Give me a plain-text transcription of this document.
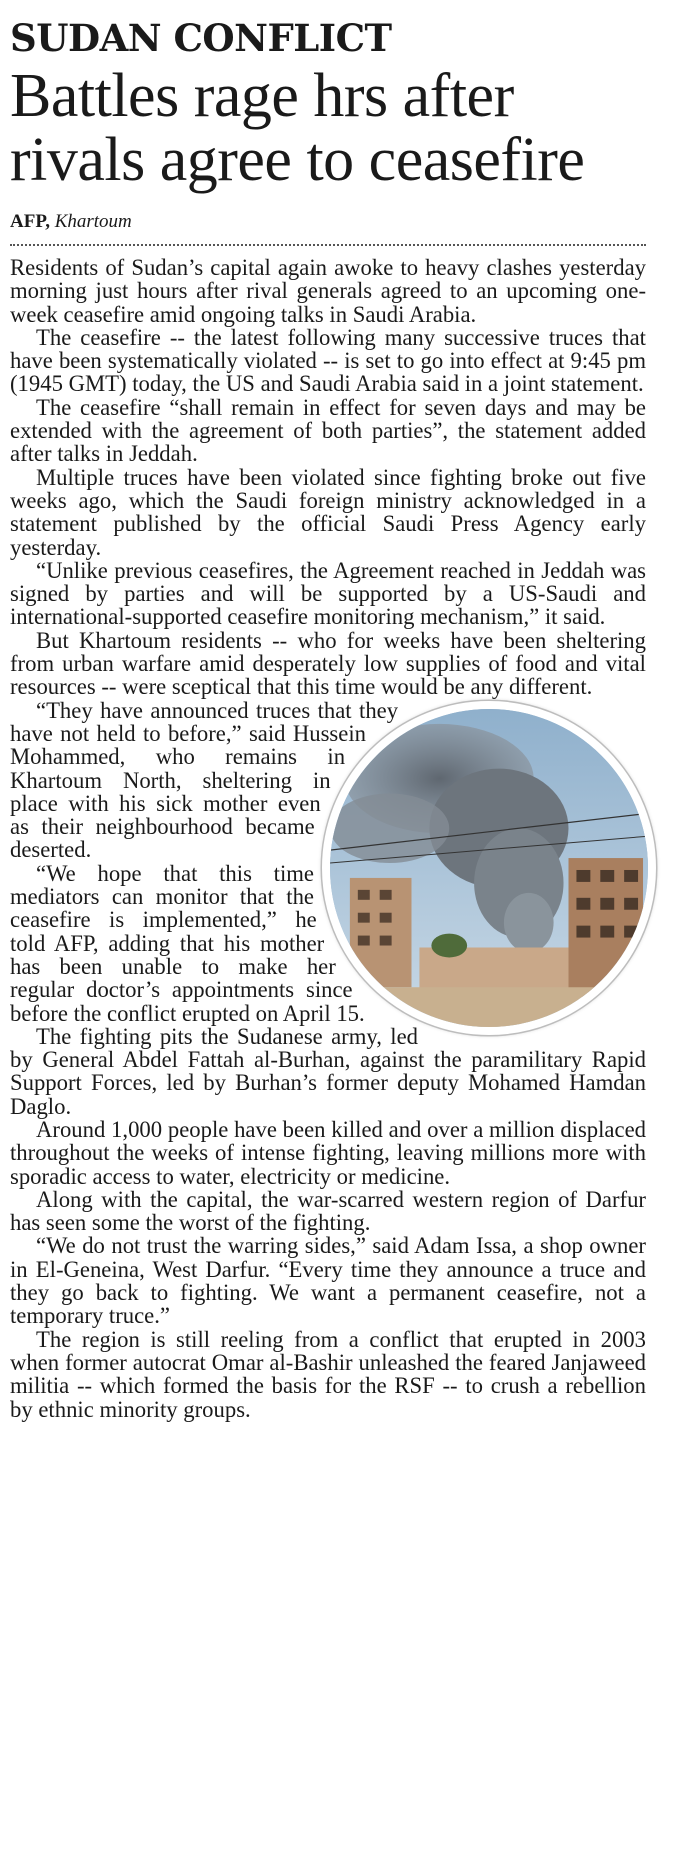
SUDAN CONFLICT
Battles rage hrs after rivals agree to ceasefire
AFP, Khartoum

Residents of Sudan’s capital again awoke to heavy clashes yesterday morning just hours after rival generals agreed to an upcoming one-week ceasefire amid ongoing talks in Saudi Arabia.

The ceasefire -- the latest following many successive truces that have been systematically violated -- is set to go into effect at 9:45 pm (1945 GMT) today, the US and Saudi Arabia said in a joint statement.

The ceasefire “shall remain in effect for seven days and may be extended with the agreement of both parties”, the statement added after talks in Jeddah.

Multiple truces have been violated since fighting broke out five weeks ago, which the Saudi foreign ministry acknowledged in a statement published by the official Saudi Press Agency early yesterday.

“Unlike previous ceasefires, the Agreement reached in Jeddah was signed by parties and will be supported by a US-Saudi and international-supported ceasefire monitoring mechanism,” it said.

But Khartoum residents -- who for weeks have been sheltering from urban warfare amid desperately low supplies of food and vital resources -- were sceptical that this time would be any different.

“They have announced truces that they have not held to before,” said Hussein Mohammed, who remains in Khartoum North, sheltering in place with his sick mother even as their neighbourhood became deserted.

“We hope that this time mediators can monitor that the ceasefire is implemented,” he told AFP, adding that his mother has been unable to make her regular doctor’s appointments since before the conflict erupted on April 15.

The fighting pits the Sudanese army, led by General Abdel Fattah al-Burhan, against the paramilitary Rapid Support Forces, led by Burhan’s former deputy Mohamed Hamdan Daglo.

Around 1,000 people have been killed and over a million displaced throughout the weeks of intense fighting, leaving millions more with sporadic access to water, electricity or medicine.

Along with the capital, the war-scarred western region of Darfur has seen some the worst of the fighting.

“We do not trust the warring sides,” said Adam Issa, a shop owner in El-Geneina, West Darfur. “Every time they announce a truce and they go back to fighting. We want a permanent ceasefire, not a temporary truce.”

The region is still reeling from a conflict that erupted in 2003 when former autocrat Omar al-Bashir unleashed the feared Janjaweed militia -- which formed the basis for the RSF -- to crush a rebellion by ethnic minority groups.
